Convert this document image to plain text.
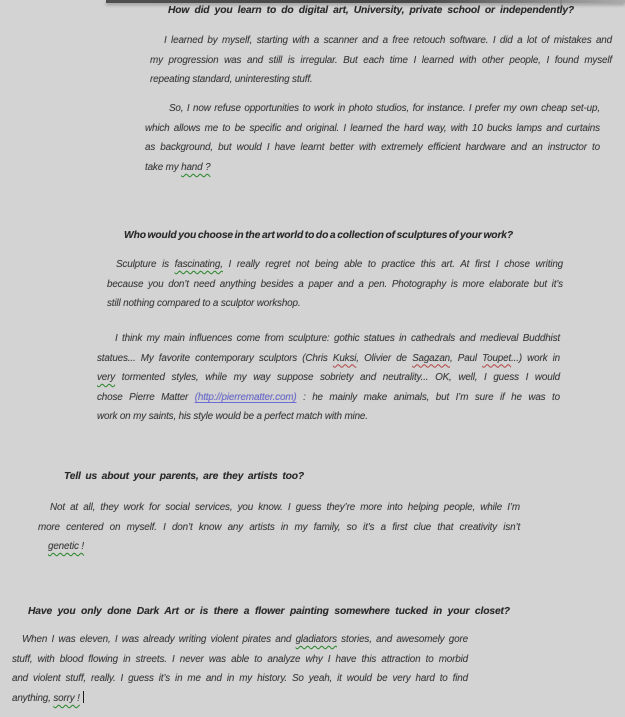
How did you learn to do digital art, University, private school or independently?
I learned by myself, starting with a scanner and a free retouch software. I did a lot of mistakes and
my progression was and still is irregular. But each time I learned with other people, I found myself
repeating standard, uninteresting stuff.
So, I now refuse opportunities to work in photo studios, for instance. I prefer my own cheap set-up,
which allows me to be specific and original. I learned the hard way, with 10 bucks lamps and curtains
as background, but would I have learnt better with extremely efficient hardware and an instructor to
take my hand ?
Who would you choose in the art world to do a collection of sculptures of your work?
Sculpture is fascinating, I really regret not being able to practice this art. At first I chose writing
because you don’t need anything besides a paper and a pen. Photography is more elaborate but it’s
still nothing compared to a sculptor workshop.
I think my main influences come from sculpture: gothic statues in cathedrals and medieval Buddhist
statues... My favorite contemporary sculptors (Chris Kuksi, Olivier de Sagazan, Paul Toupet...) work in
very tormented styles, while my way suppose sobriety and neutrality... OK, well, I guess I would
chose Pierre Matter (http://pierrematter.com) : he mainly make animals, but I’m sure if he was to
work on my saints, his style would be a perfect match with mine.
Tell us about your parents, are they artists too?
Not at all, they work for social services, you know. I guess they’re more into helping people, while I’m
more centered on myself. I don’t know any artists in my family, so it’s a first clue that creativity isn’t
genetic !
Have you only done Dark Art or is there a flower painting somewhere tucked in your closet?
When I was eleven, I was already writing violent pirates and gladiators stories, and awesomely gore
stuff, with blood flowing in streets. I never was able to analyze why I have this attraction to morbid
and violent stuff, really. I guess it’s in me and in my history. So yeah, it would be very hard to find
anything, sorry !
